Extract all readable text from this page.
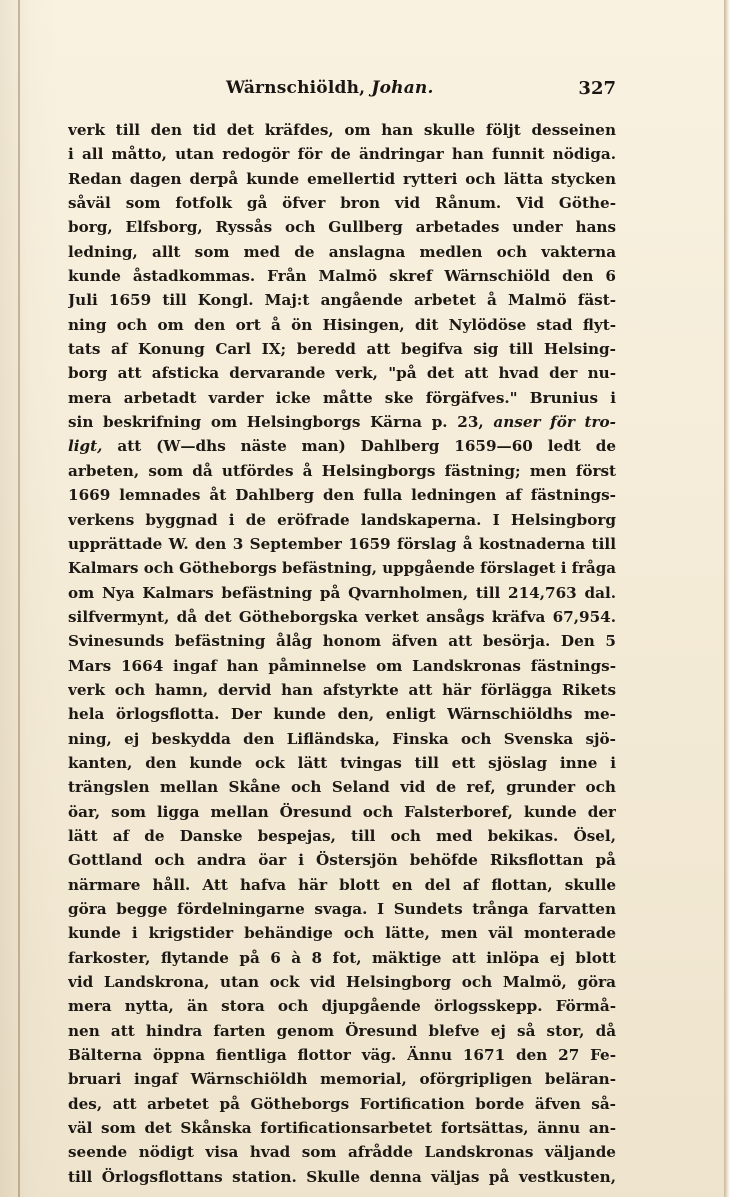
Wärnschiöldh, Johan.	327
verk till den tid det kräfdes, om han skulle följt desseinen
i all måtto, utan redogör för de ändringar han funnit nödiga.
Redan dagen derpå kunde emellertid rytteri och lätta stycken
såväl som fotfolk gå öfver bron vid Rånum. Vid Göthe-
borg, Elfsborg, Ryssås och Gullberg arbetades under hans
ledning, allt som med de anslagna medlen och vakterna
kunde åstadkommas. Från Malmö skref Wärnschiöld den 6
Juli 1659 till Kongl. Maj:t angående arbetet å Malmö fäst-
ning och om den ort å ön Hisingen, dit Nylödöse stad flyt-
tats af Konung Carl IX; beredd att begifva sig till Helsing-
borg att afsticka dervarande verk, "på det att hvad der nu-
mera arbetadt varder icke måtte ske förgäfves." Brunius i
sin beskrifning om Helsingborgs Kärna p. 23, anser för tro-
ligt, att (W—dhs näste man) Dahlberg 1659—60 ledt de
arbeten, som då utfördes å Helsingborgs fästning; men först
1669 lemnades åt Dahlberg den fulla ledningen af fästnings-
verkens byggnad i de eröfrade landskaperna. I Helsingborg
upprättade W. den 3 September 1659 förslag å kostnaderna till
Kalmars och Götheborgs befästning, uppgående förslaget i fråga
om Nya Kalmars befästning på Qvarnholmen, till 214,763 dal.
silfvermynt, då det Götheborgska verket ansågs kräfva 67,954.
Svinesunds befästning ålåg honom äfven att besörja. Den 5
Mars 1664 ingaf han påminnelse om Landskronas fästnings-
verk och hamn, dervid han afstyrkte att här förlägga Rikets
hela örlogsflotta. Der kunde den, enligt Wärnschiöldhs me-
ning, ej beskydda den Lifländska, Finska och Svenska sjö-
kanten, den kunde ock lätt tvingas till ett sjöslag inne i
trängslen mellan Skåne och Seland vid de ref, grunder och
öar, som ligga mellan Öresund och Falsterboref, kunde der
lätt af de Danske bespejas, till och med bekikas. Ösel,
Gottland och andra öar i Östersjön behöfde Riksflottan på
närmare håll. Att hafva här blott en del af flottan, skulle
göra begge fördelningarne svaga. I Sundets trånga farvatten
kunde i krigstider behändige och lätte, men väl monterade
farkoster, flytande på 6 à 8 fot, mäktige att inlöpa ej blott
vid Landskrona, utan ock vid Helsingborg och Malmö, göra
mera nytta, än stora och djupgående örlogsskepp. Förmå-
nen att hindra farten genom Öresund blefve ej så stor, då
Bälterna öppna fientliga flottor väg. Ännu 1671 den 27 Fe-
bruari ingaf Wärnschiöldh memorial, oförgripligen beläran-
des, att arbetet på Götheborgs Fortification borde äfven så-
väl som det Skånska fortificationsarbetet fortsättas, ännu an-
seende nödigt visa hvad som afrådde Landskronas väljande
till Örlogsflottans station. Skulle denna väljas på vestkusten,
